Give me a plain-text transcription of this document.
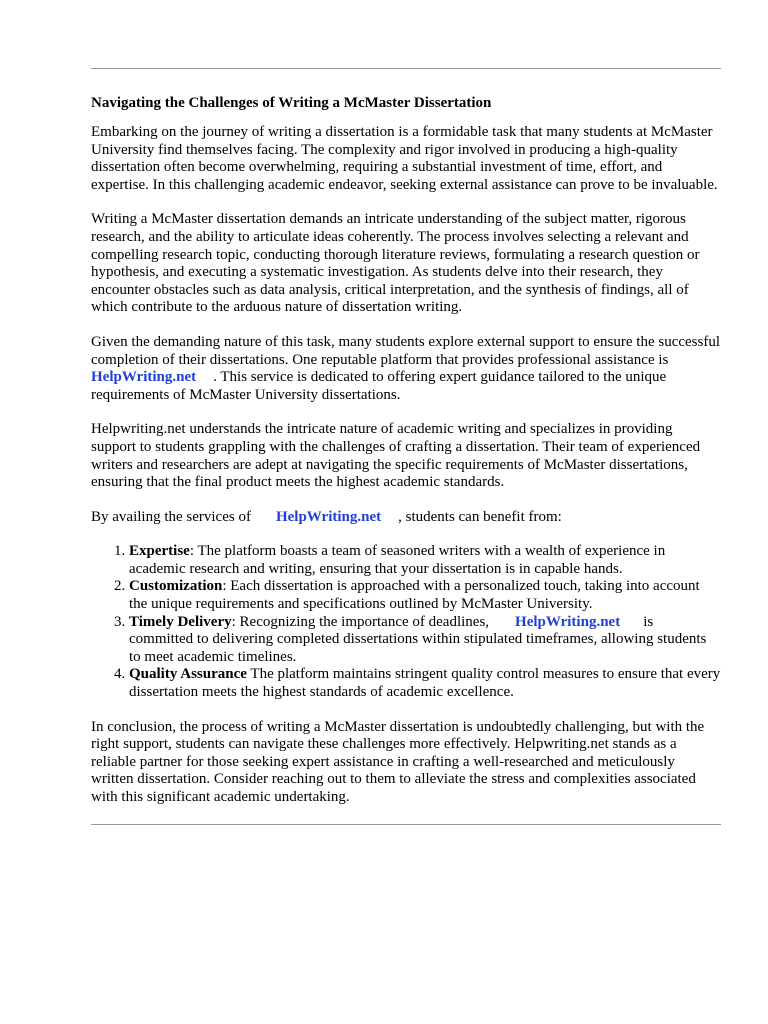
Navigating the Challenges of Writing a McMaster Dissertation

Embarking on the journey of writing a dissertation is a formidable task that many students at McMaster University find themselves facing. The complexity and rigor involved in producing a high-quality dissertation often become overwhelming, requiring a substantial investment of time, effort, and expertise. In this challenging academic endeavor, seeking external assistance can prove to be invaluable.

Writing a McMaster dissertation demands an intricate understanding of the subject matter, rigorous research, and the ability to articulate ideas coherently. The process involves selecting a relevant and compelling research topic, conducting thorough literature reviews, formulating a research question or hypothesis, and executing a systematic investigation. As students delve into their research, they encounter obstacles such as data analysis, critical interpretation, and the synthesis of findings, all of which contribute to the arduous nature of dissertation writing.

Given the demanding nature of this task, many students explore external support to ensure the successful completion of their dissertations. One reputable platform that provides professional assistance isHelpWriting.net . This service is dedicated to offering expert guidance tailored to the unique requirements of McMaster University dissertations.

Helpwriting.net understands the intricate nature of academic writing and specializes in providing support to students grappling with the challenges of crafting a dissertation. Their team of experienced writers and researchers are adept at navigating the specific requirements of McMaster dissertations, ensuring that the final product meets the highest academic standards.

By availing the services of HelpWriting.net , students can benefit from:

1. Expertise: The platform boasts a team of seasoned writers with a wealth of experience in academic research and writing, ensuring that your dissertation is in capable hands.
2. Customization: Each dissertation is approached with a personalized touch, taking into account the unique requirements and specifications outlined by McMaster University.
3. Timely Delivery: Recognizing the importance of deadlines, HelpWriting.net is committed to delivering completed dissertations within stipulated timeframes, allowing students to meet academic timelines.
4. Quality Assurance The platform maintains stringent quality control measures to ensure that every dissertation meets the highest standards of academic excellence.

In conclusion, the process of writing a McMaster dissertation is undoubtedly challenging, but with the right support, students can navigate these challenges more effectively. Helpwriting.net stands as a reliable partner for those seeking expert assistance in crafting a well-researched and meticulously written dissertation. Consider reaching out to them to alleviate the stress and complexities associated with this significant academic undertaking.
